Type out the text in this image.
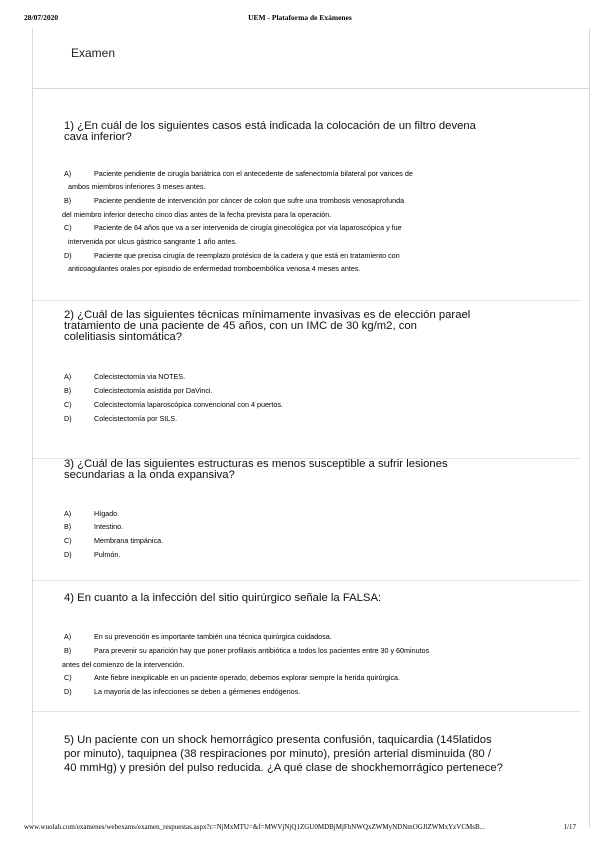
28/07/2020	UEM - Plataforma de Exámenes
Examen
1) ¿En cuál de los siguientes casos está indicada la colocación de un filtro devena
cava inferior?
A)	Paciente pendiente de cirugía bariátrica con el antecedente de safenectomía bilateral por varices de
ambos miembros inferiores 3 meses antes.
B)	Paciente pendiente de intervención por cáncer de colon que sufre una trombosis venosaprofunda
del miembro inferior derecho cinco días antes de la fecha prevista para la operación.
C)	Paciente de 64 años que va a ser intervenida de cirugía ginecológica por vía laparoscópica y fue
intervenida por ulcus gástrico sangrante 1 año antes.
D)	Paciente que precisa cirugía de reemplazo protésico de la cadera y que está en tratamiento con
anticoagulantes orales por episodio de enfermedad tromboembólica venosa 4 meses antes.
2) ¿Cuál de las siguientes técnicas mínimamente invasivas es de elección parael
tratamiento de una paciente de 45 años, con un IMC de 30 kg/m2, con
colelitiasis sintomática?
A)	Colecistectomía via NOTES.
B)	Colecistectomía asistida por DaVinci.
C)	Colecistectomía laparoscópica convencional con 4 puertos.
D)	Colecistectomía por SILS.
3) ¿Cuál de las siguientes estructuras es menos susceptible a sufrir lesiones
secundarias a la onda expansiva?
A)	Hígado.
B)	Intestino.
C)	Membrana timpánica.
D)	Pulmón.
4) En cuanto a la infección del sitio quirúrgico señale la FALSA:
A)	En su prevención es importante también una técnica quirúrgica cuidadosa.
B)	Para prevenir su aparición hay que poner profilaxis antibiótica a todos los pacientes entre 30 y 60minutos
antes del comienzo de la intervención.
C)	Ante fiebre inexplicable en un paciente operado, debemos explorar siempre la herida quirúrgica.
D)	La mayoría de las infecciones se deben a gérmenes endógenos.
5) Un paciente con un shock hemorrágico presenta confusión, taquicardia (145latidos
por minuto), taquipnea (38 respiraciones por minuto), presión arterial disminuida (80 /
40 mmHg) y presión del pulso reducida. ¿A qué clase de shockhemorrágico pertenece?
www.wuolah.com/examenes/webexams/examen_respuestas.aspx?c=NjMxMTU=&f=MWVjNjQ1ZGU0MDBjMjFhNWQxZWMyNDNmOGJlZWMxYzVCMsB...	1/17
